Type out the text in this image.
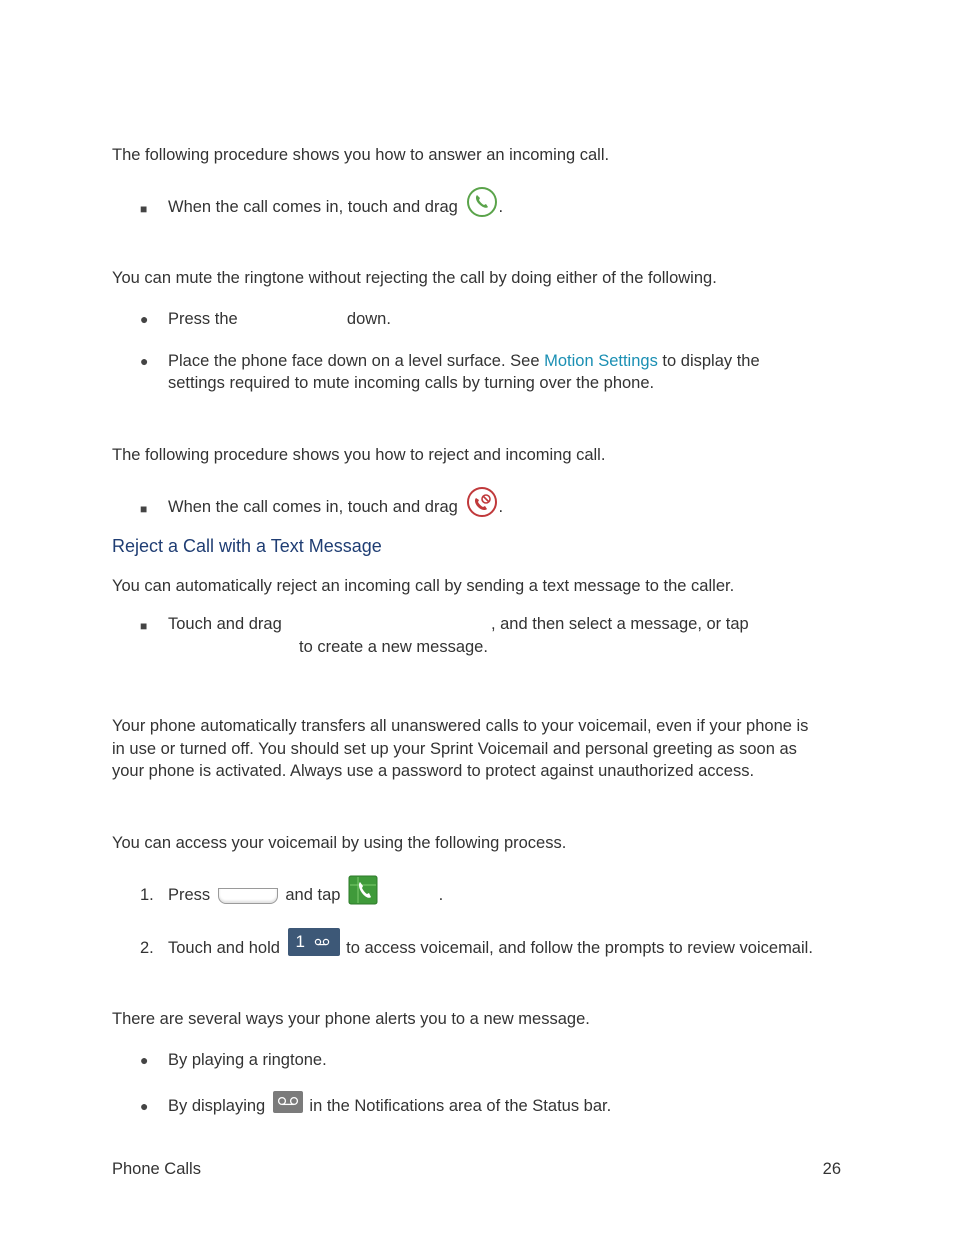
The following procedure shows you how to answer an incoming call.
■ When the call comes in, touch and drag .
You can mute the ringtone without rejecting the call by doing either of the following.
● Press the	down.
● Place the phone face down on a level surface. See Motion Settings to display the
settings required to mute incoming calls by turning over the phone.
The following procedure shows you how to reject and incoming call.
■ When the call comes in, touch and drag .
Reject a Call with a Text Message
You can automatically reject an incoming call by sending a text message to the caller.
■ Touch and drag	, and then select a message, or tap
to create a new message.
Your phone automatically transfers all unanswered calls to your voicemail, even if your phone is
in use or turned off. You should set up your Sprint Voicemail and personal greeting as soon as
your phone is activated. Always use a password to protect against unauthorized access.
You can access your voicemail by using the following process.
1. Press	and tap	.
2. Touch and hold 1 to access voicemail, and follow the prompts to review voicemail.
There are several ways your phone alerts you to a new message.
● By playing a ringtone.
● By displaying	in the Notifications area of the Status bar.
Phone Calls	26
